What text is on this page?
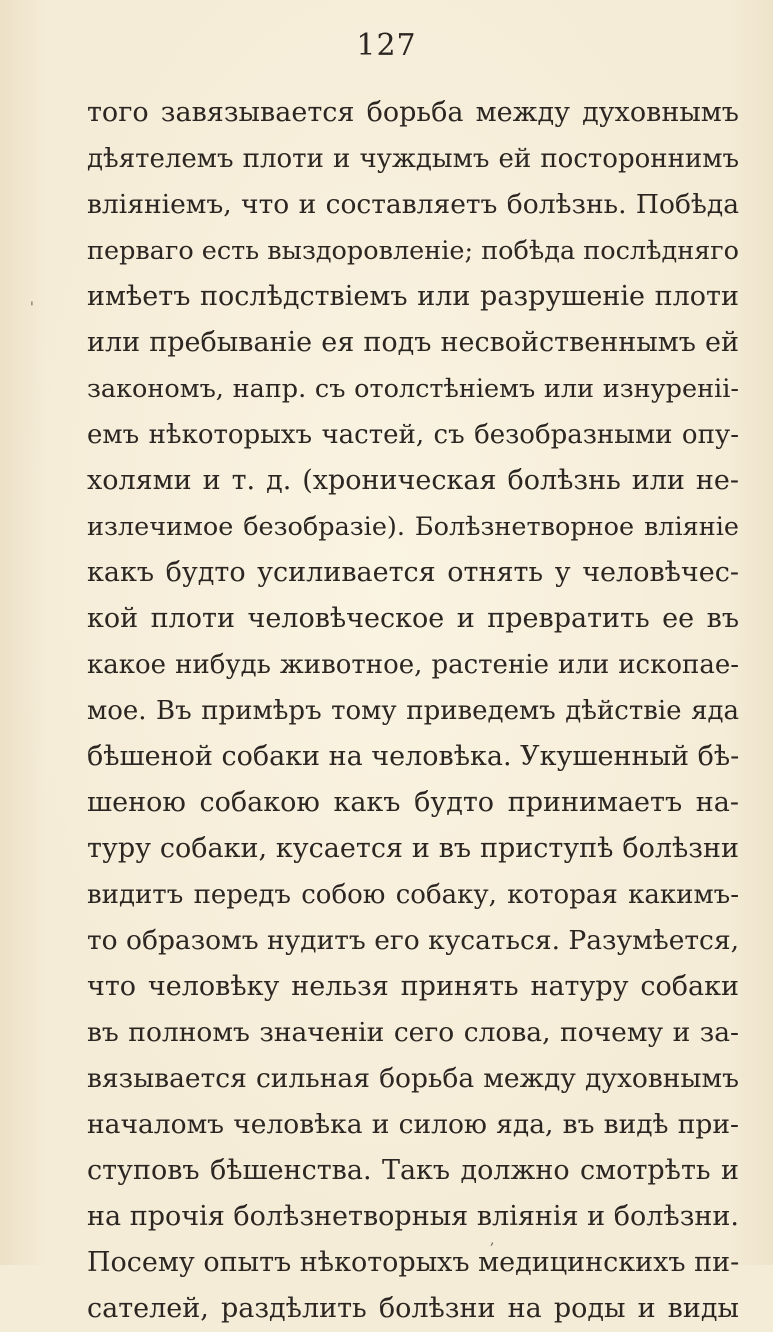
127
'
того завязывается борьба между духовнымъ
дѣятелемъ плоти и чуждымъ ей постороннимъ
вліяніемъ, что и составляетъ болѣзнь. Побѣда
перваго есть выздоровленіе; побѣда послѣдняго
имѣетъ послѣдствіемъ или разрушеніе плоти
или пребываніе ея подъ несвойственнымъ ей
закономъ, напр. съ отолстѣніемъ или изнуреніі-
емъ нѣкоторыхъ частей, съ безобразными опу-
холями и т. д. (хроническая болѣзнь или не-
излечимое безобразіе). Болѣзнетворное вліяніе
какъ будто усиливается отнять у человѣчес-
кой плоти человѣческое и превратить ее въ
какое нибудь животное, растеніе или ископае-
мое. Въ примѣръ тому приведемъ дѣйствіе яда
бѣшеной собаки на человѣка. Укушенный бѣ-
шеною собакою какъ будто принимаетъ на-
туру собаки, кусается и въ приступѣ болѣзни
видитъ передъ собою собаку, которая какимъ-
то образомъ нудитъ его кусаться. Разумѣется,
что человѣку нельзя принять натуру собаки
въ полномъ значеніи сего слова, почему и за-
вязывается сильная борьба между духовнымъ
началомъ человѣка и силою яда, въ видѣ при-
ступовъ бѣшенства. Такъ должно смотрѣть и
на прочія болѣзнетворныя вліянія и болѣзни.
Посему опытъ нѣкоторыхъ медицинскихъ пи-
сателей, раздѣлить болѣзни на роды и виды
,
